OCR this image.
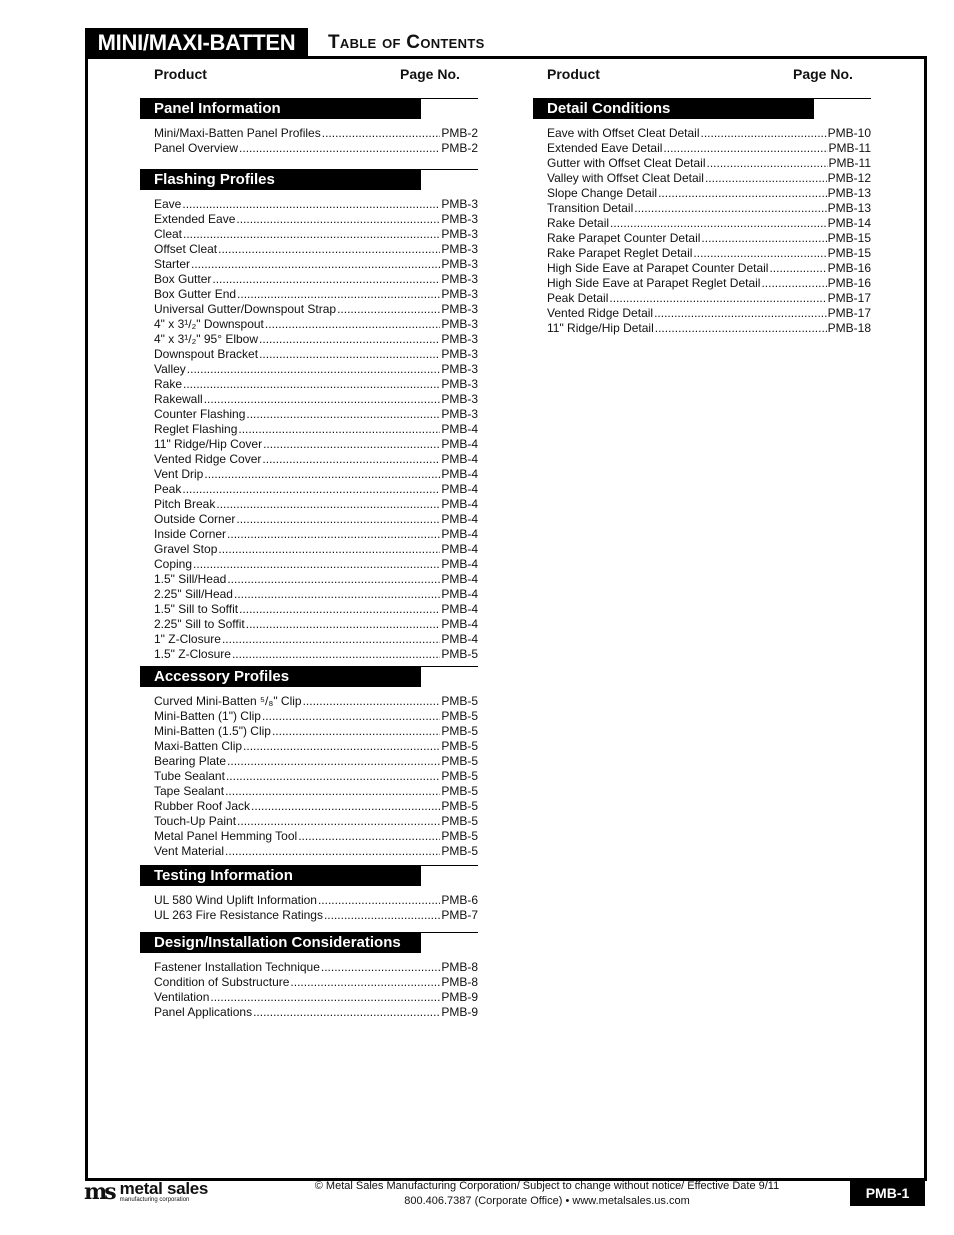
MINI/MAXI-BATTEN	Table of Contents
Product	Page No.	Product	Page No.
Panel Information
Mini/Maxi-Batten Panel Profiles .....	PMB-2
Panel Overview .....	PMB-2
Flashing Profiles
Eave .....	PMB-3
Extended Eave .....	PMB-3
Cleat .....	PMB-3
Offset Cleat .....	PMB-3
Starter .....	PMB-3
Box Gutter .....	PMB-3
Box Gutter End .....	PMB-3
Universal Gutter/Downspout Strap .....	PMB-3
4" x 3¹/₂" Downspout .....	PMB-3
4" x 3¹/₂" 95° Elbow .....	PMB-3
Downspout Bracket .....	PMB-3
Valley .....	PMB-3
Rake .....	PMB-3
Rakewall .....	PMB-3
Counter Flashing .....	PMB-3
Reglet Flashing .....	PMB-4
11" Ridge/Hip Cover .....	PMB-4
Vented Ridge Cover .....	PMB-4
Vent Drip .....	PMB-4
Peak .....	PMB-4
Pitch Break .....	PMB-4
Outside Corner .....	PMB-4
Inside Corner .....	PMB-4
Gravel Stop .....	PMB-4
Coping .....	PMB-4
1.5" Sill/Head .....	PMB-4
2.25" Sill/Head .....	PMB-4
1.5" Sill to Soffit .....	PMB-4
2.25" Sill to Soffit .....	PMB-4
1" Z-Closure .....	PMB-4
1.5" Z-Closure .....	PMB-5
Accessory Profiles
Curved Mini-Batten ⁵/₈" Clip .....	PMB-5
Mini-Batten (1") Clip .....	PMB-5
Mini-Batten (1.5") Clip .....	PMB-5
Maxi-Batten Clip .....	PMB-5
Bearing Plate .....	PMB-5
Tube Sealant .....	PMB-5
Tape Sealant .....	PMB-5
Rubber Roof Jack .....	PMB-5
Touch-Up Paint .....	PMB-5
Metal Panel Hemming Tool .....	PMB-5
Vent Material .....	PMB-5
Testing Information
UL 580 Wind Uplift Information .....	PMB-6
UL 263 Fire Resistance Ratings .....	PMB-7
Design/Installation Considerations
Fastener Installation Technique .....	PMB-8
Condition of Substructure .....	PMB-8
Ventilation .....	PMB-9
Panel Applications .....	PMB-9
Detail Conditions
Eave with Offset Cleat Detail .....	PMB-10
Extended Eave Detail .....	PMB-11
Gutter with Offset Cleat Detail .....	PMB-11
Valley with Offset Cleat Detail .....	PMB-12
Slope Change Detail .....	PMB-13
Transition Detail .....	PMB-13
Rake Detail .....	PMB-14
Rake Parapet Counter Detail .....	PMB-15
Rake Parapet Reglet Detail .....	PMB-15
High Side Eave at Parapet Counter Detail .....	PMB-16
High Side Eave at Parapet Reglet Detail .....	PMB-16
Peak Detail .....	PMB-17
Vented Ridge Detail .....	PMB-17
11" Ridge/Hip Detail .....	PMB-18
ms metal sales
manufacturing corporation
© Metal Sales Manufacturing Corporation/ Subject to change without notice/ Effective Date 9/11
800.406.7387 (Corporate Office) • www.metalsales.us.com	PMB-1
